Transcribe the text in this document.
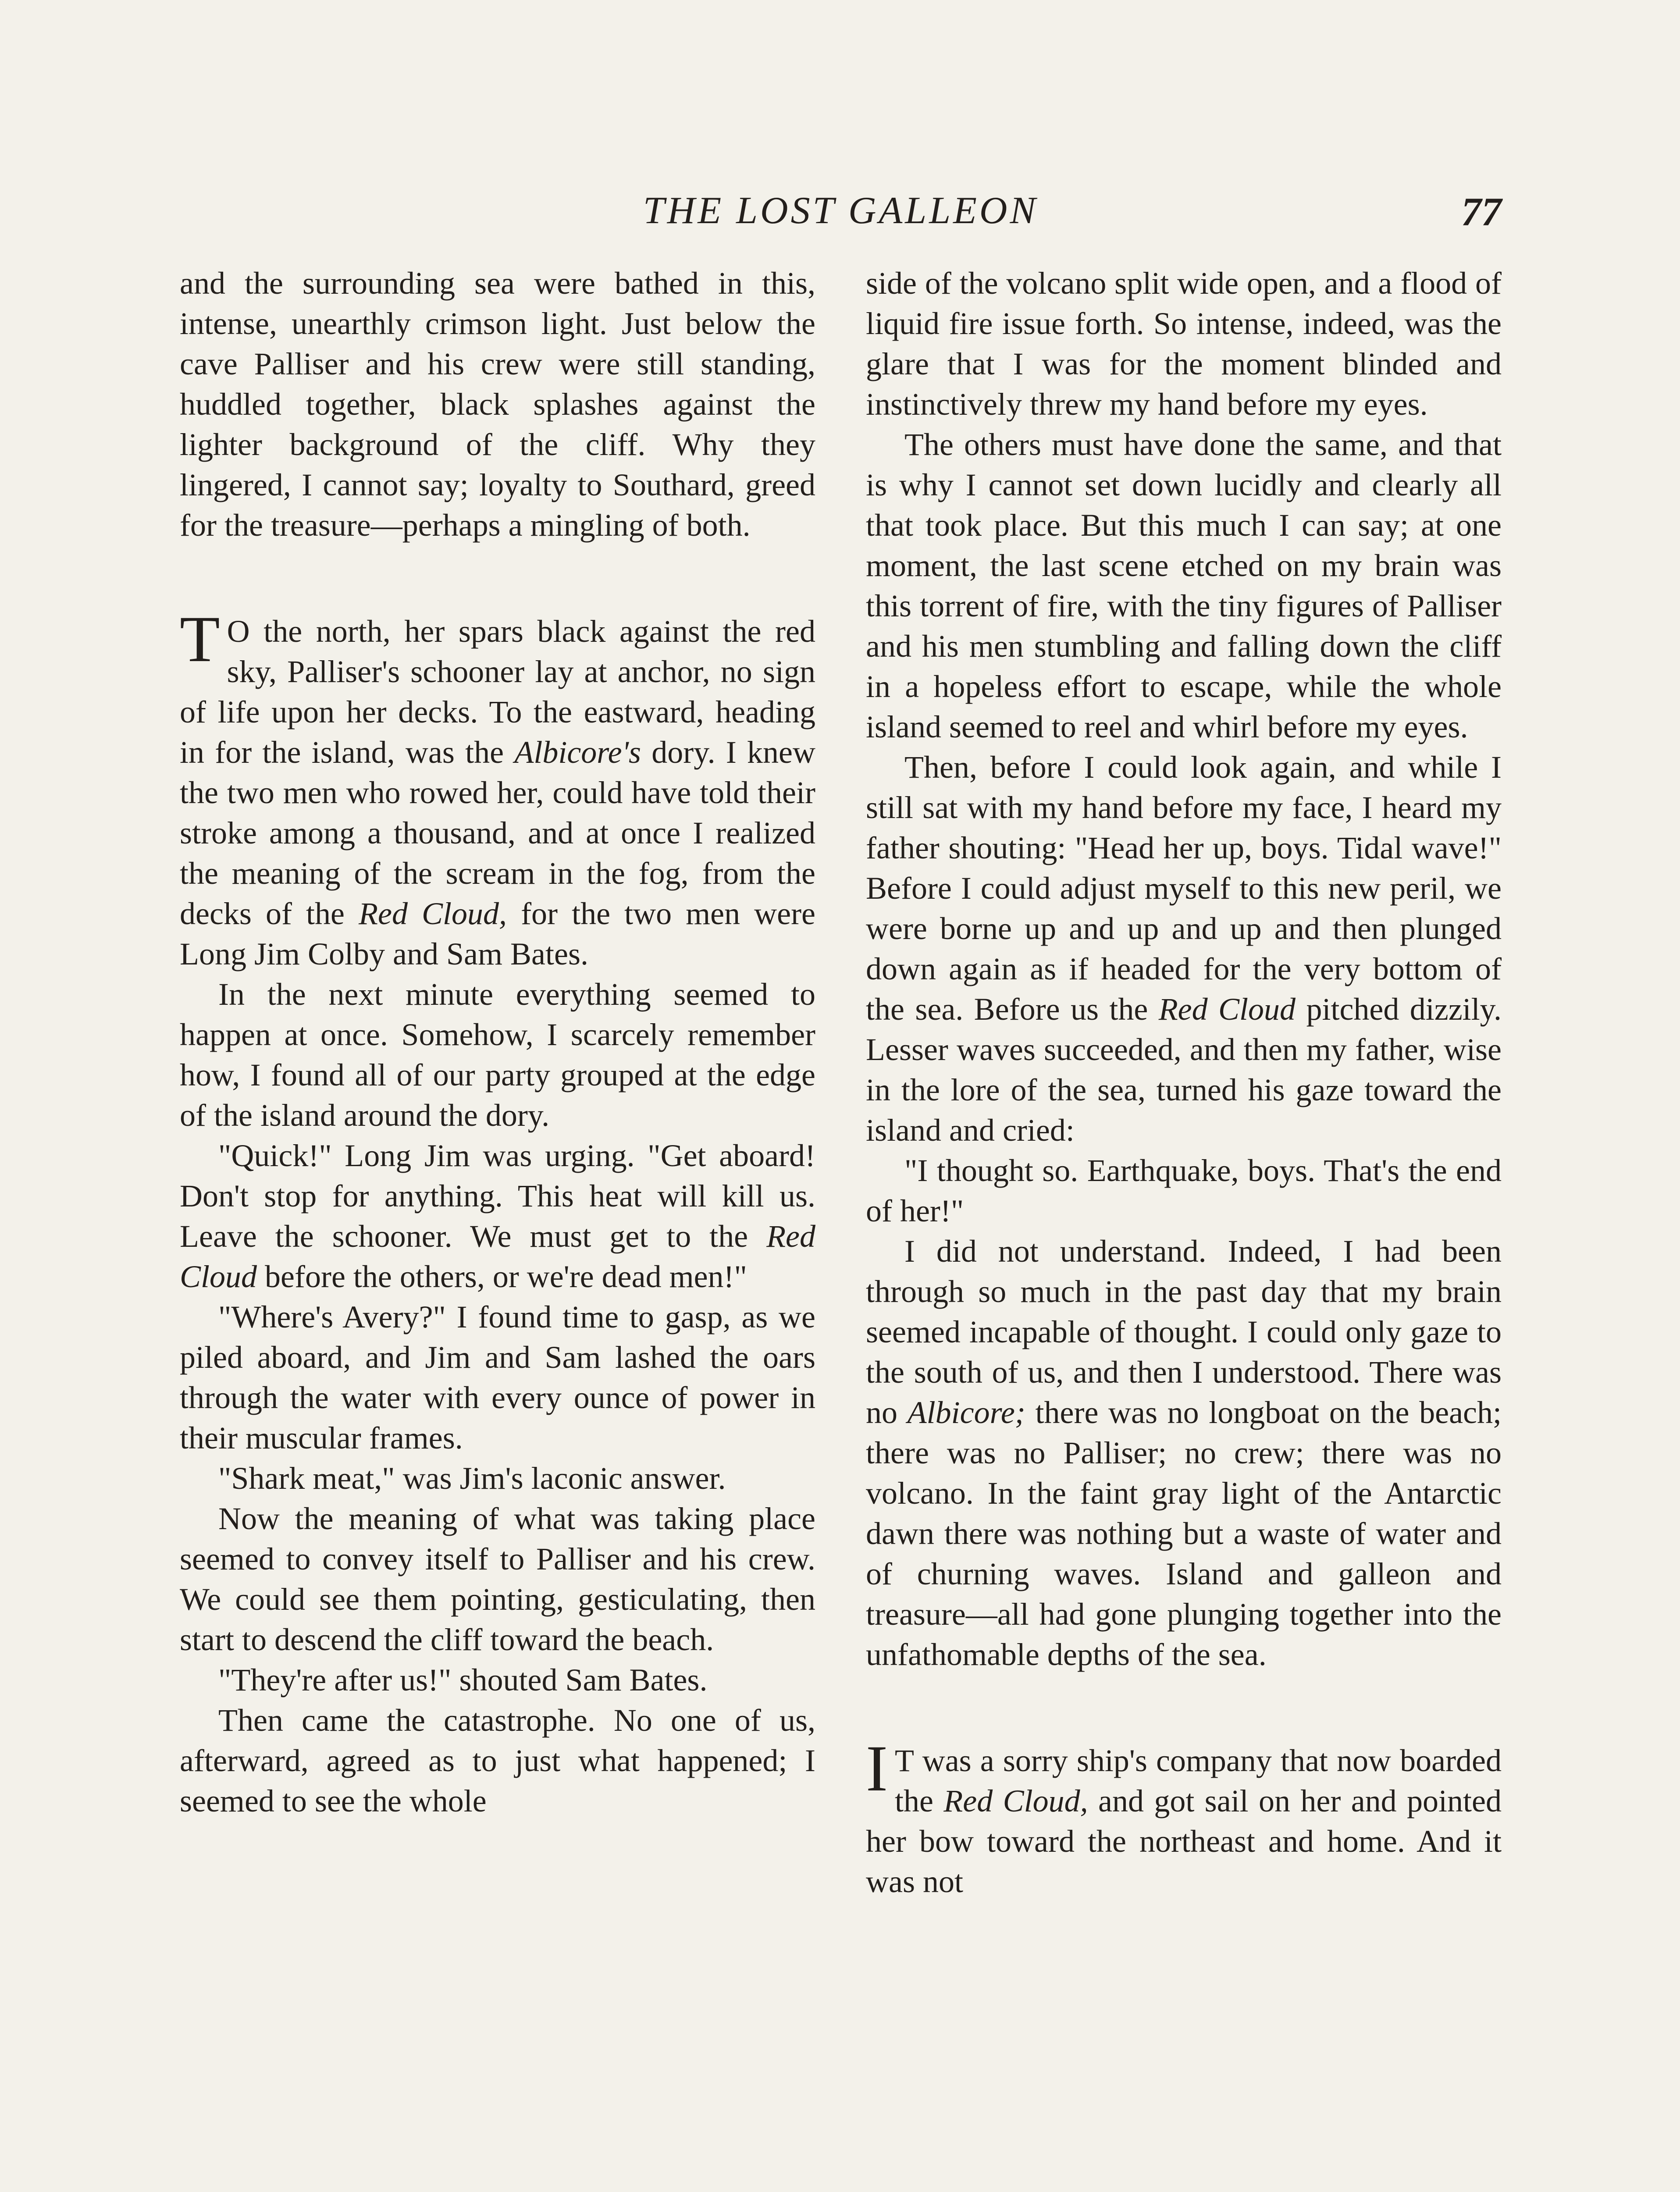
THE LOST GALLEON	77

and the surrounding sea were bathed in this, intense, unearthly crimson light. Just below the cave Palliser and his crew were still standing, huddled together, black splashes against the lighter background of the cliff. Why they lingered, I cannot say; loyalty to Southard, greed for the treasure—perhaps a mingling of both.

TO the north, her spars black against the red sky, Palliser's schooner lay at anchor, no sign of life upon her decks. To the eastward, heading in for the island, was the Albicore's dory. I knew the two men who rowed her, could have told their stroke among a thousand, and at once I realized the meaning of the scream in the fog, from the decks of the Red Cloud, for the two men were Long Jim Colby and Sam Bates.

In the next minute everything seemed to happen at once. Somehow, I scarcely remember how, I found all of our party grouped at the edge of the island around the dory.

"Quick!" Long Jim was urging. "Get aboard! Don't stop for anything. This heat will kill us. Leave the schooner. We must get to the Red Cloud before the others, or we're dead men!"

"Where's Avery?" I found time to gasp, as we piled aboard, and Jim and Sam lashed the oars through the water with every ounce of power in their muscular frames.

"Shark meat," was Jim's laconic answer.

Now the meaning of what was taking place seemed to convey itself to Palliser and his crew. We could see them pointing, gesticulating, then start to descend the cliff toward the beach.

"They're after us!" shouted Sam Bates.

Then came the catastrophe. No one of us, afterward, agreed as to just what happened; I seemed to see the whole

side of the volcano split wide open, and a flood of liquid fire issue forth. So intense, indeed, was the glare that I was for the moment blinded and instinctively threw my hand before my eyes.

The others must have done the same, and that is why I cannot set down lucidly and clearly all that took place. But this much I can say; at one moment, the last scene etched on my brain was this torrent of fire, with the tiny figures of Palliser and his men stumbling and falling down the cliff in a hopeless effort to escape, while the whole island seemed to reel and whirl before my eyes.

Then, before I could look again, and while I still sat with my hand before my face, I heard my father shouting: "Head her up, boys. Tidal wave!" Before I could adjust myself to this new peril, we were borne up and up and up and then plunged down again as if headed for the very bottom of the sea. Before us the Red Cloud pitched dizzily. Lesser waves succeeded, and then my father, wise in the lore of the sea, turned his gaze toward the island and cried:

"I thought so. Earthquake, boys. That's the end of her!"

I did not understand. Indeed, I had been through so much in the past day that my brain seemed incapable of thought. I could only gaze to the south of us, and then I understood. There was no Albicore; there was no longboat on the beach; there was no Palliser; no crew; there was no volcano. In the faint gray light of the Antarctic dawn there was nothing but a waste of water and of churning waves. Island and galleon and treasure—all had gone plunging together into the unfathomable depths of the sea.

IT was a sorry ship's company that now boarded the Red Cloud, and got sail on her and pointed her bow toward the northeast and home. And it was not
